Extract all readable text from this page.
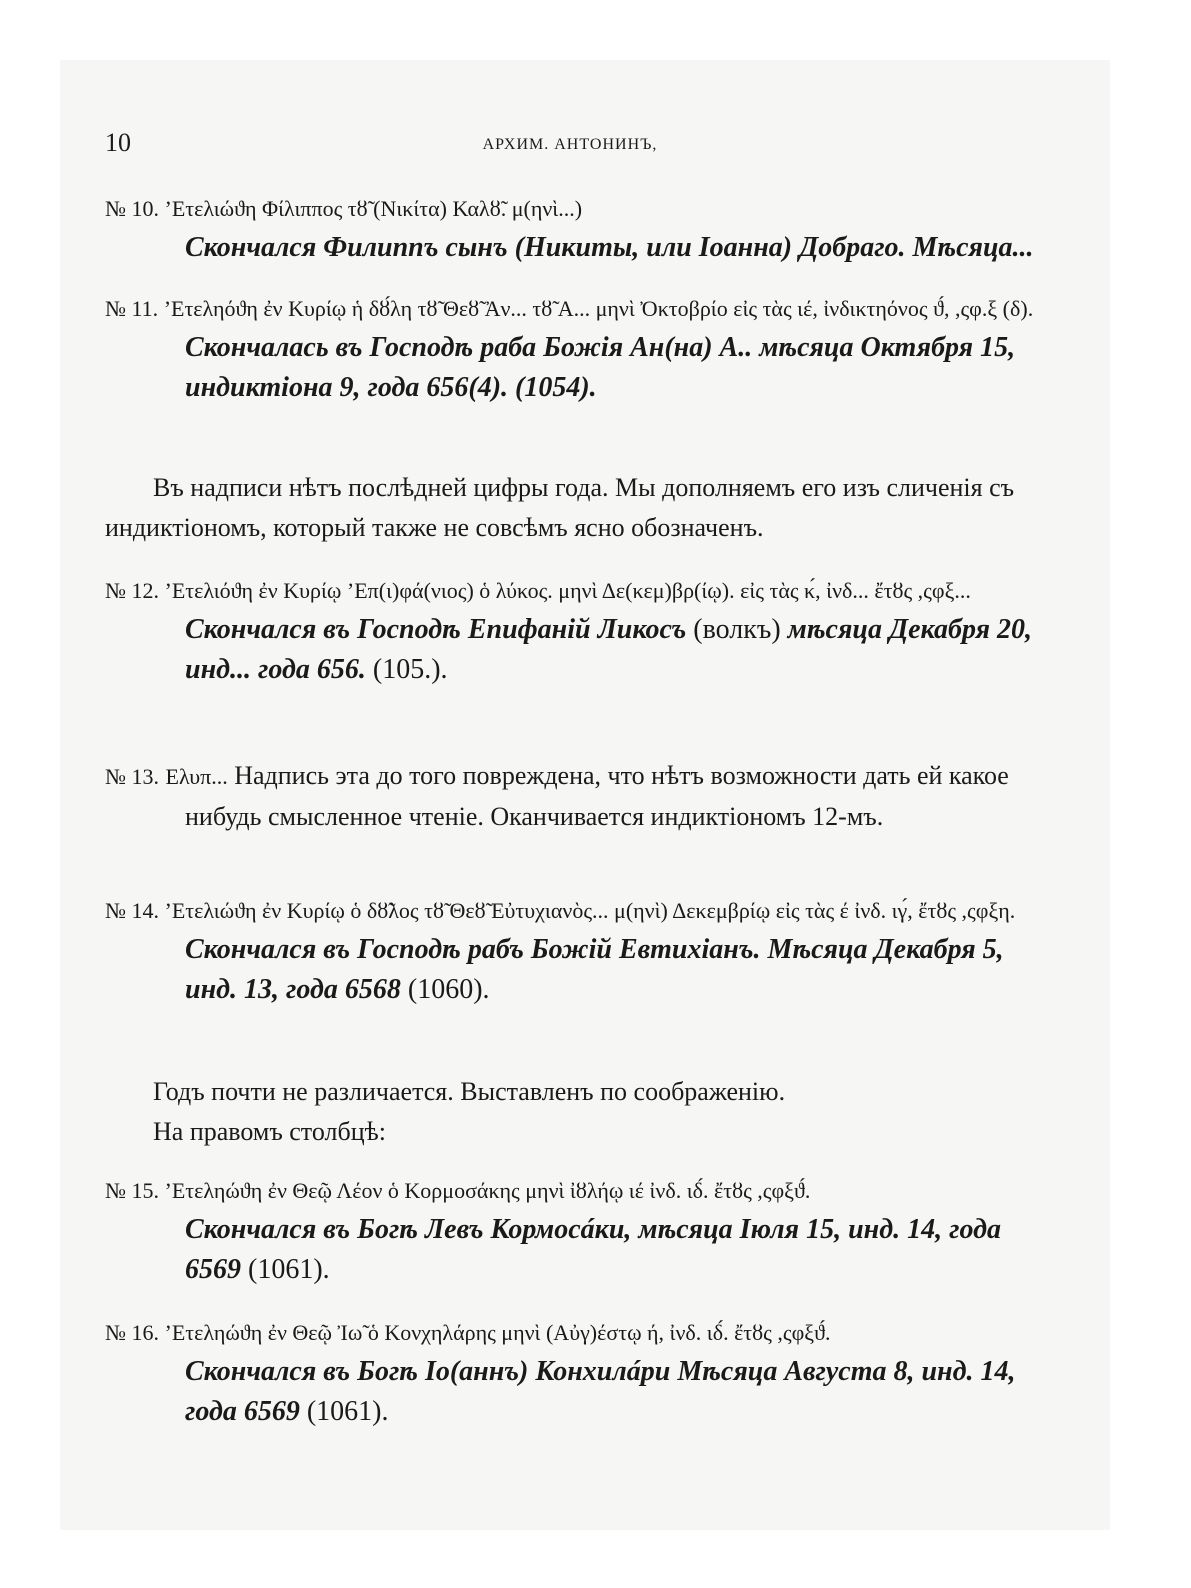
10	АРХИМ. АНТОНИНЪ,
№ 10. ’Ετελιώϑη Φίλιππος τȣ̃ (Νικίτα) Καλȣ̃. μ(ηνὶ...)
Скончался Филиппъ сынъ (Никиты, или Іоанна) Добраго. Мѣсяца...
№ 11. ’Ετεληόϑη ἐν Κυρίῳ ἡ δȣ́λη τȣ̃ Θεȣ̃ Ἀν... τȣ̃ Α... μηνὶ Ὀκτοβρίο εἰς τὰς ιέ, ἰνδικτηόνος ϑ́, ,ςφ.ξ (δ).
Скончалась въ Господѣ раба Божія Ан(на) А.. мѣсяца Октября 15, индиктіона 9, года 656(4). (1054).

Въ надписи нѣтъ послѣдней цифры года. Мы дополняемъ его изъ сличенія съ индиктіономъ, который также не совсѣмъ ясно обозначенъ.

№ 12. ’Ετελιόϑη ἐν Κυρίῳ ’Επ(ι)φά(νιος) ὁ λύκος. μηνὶ Δε(κεμ)βρ(ίῳ). εἰς τὰς κ́, ἰνδ... ἔτȣς ,ςφξ...
Скончался въ Господѣ Епифаній Ликосъ (волкъ) мѣсяца Декабря 20, инд... года 656. (105.).
№ 13. Ελυπ... Надпись эта до того повреждена, что нѣтъ возможности дать ей какое нибудь смысленное чтеніе. Оканчивается индиктіономъ 12-мъ.
№ 14. ’Ετελιώϑη ἐν Κυρίῳ ὁ δȣ̃λος τȣ̃ Θεȣ̃ Εὐτυχιανὸς... μ(ηνὶ) Δεκεμβρίῳ εἰς τὰς έ ἰνδ. ιγ́, ἔτȣς ,ςφξη.
Скончался въ Господѣ рабъ Божій Евтихіанъ. Мѣсяца Декабря 5, инд. 13, года 6568 (1060).

Годъ почти не различается. Выставленъ по соображенію.

На правомъ столбцѣ:

№ 15. ’Ετεληώϑη ἐν Θεῷ Λέον ὁ Κορμοσάκης μηνὶ ἰȣλήῳ ιέ ἰνδ. ιδ́. ἔτȣς ,ςφξϑ́.
Скончался въ Богѣ Левъ Кормосáки, мѣсяца Іюля 15, инд. 14, года 6569 (1061).
№ 16. ’Ετεληώϑη ἐν Θεῷ Ἰω̃ ὁ Κονχηλάρης μηνὶ (Αὐγ)έστῳ ή, ἰνδ. ιδ́. ἔτȣς ,ςφξϑ́.
Скончался въ Богѣ Іо(аннъ) Конхилáри Мѣсяца Августа 8, инд. 14, года 6569 (1061).
